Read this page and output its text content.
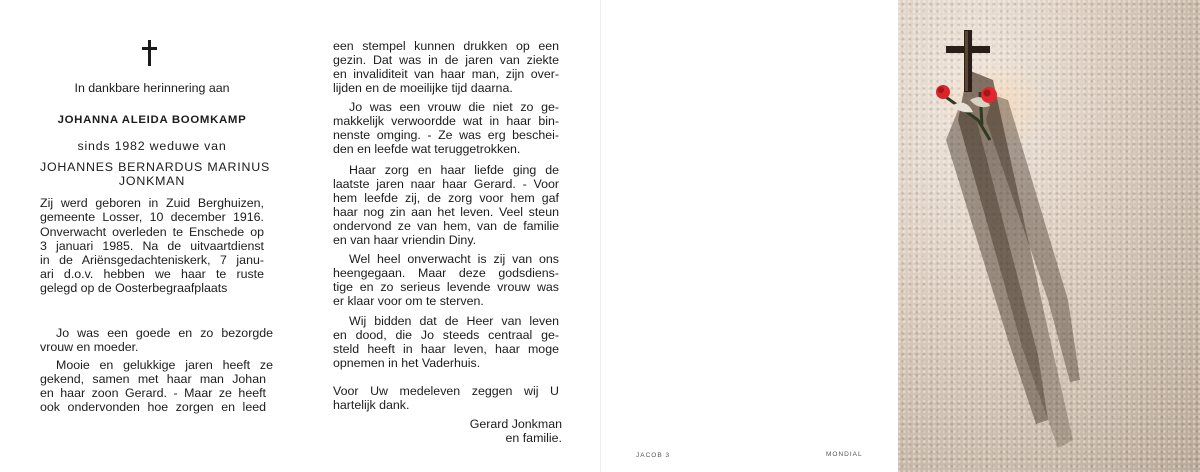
In dankbare herinnering aan
JOHANNA ALEIDA BOOMKAMP
sinds 1982 weduwe van
JOHANNES BERNARDUS MARINUS
JONKMAN
Zij werd geboren in Zuid Berghuizen,
gemeente Losser, 10 december 1916.
Onverwacht overleden te Enschede op
3 januari 1985. Na de uitvaartdienst
in de Ariënsgedachteniskerk, 7 janu-
ari d.o.v. hebben we haar te ruste
gelegd op de Oosterbegraafplaats
Jo was een goede en zo bezorgde
vrouw en moeder.
Mooie en gelukkige jaren heeft ze
gekend, samen met haar man Johan
en haar zoon Gerard. - Maar ze heeft
ook ondervonden hoe zorgen en leed
een stempel kunnen drukken op een
gezin. Dat was in de jaren van ziekte
en invaliditeit van haar man, zijn over-
lijden en de moeilijke tijd daarna.
Jo was een vrouw die niet zo ge-
makkelijk verwoordde wat in haar bin-
nenste omging. - Ze was erg beschei-
den en leefde wat teruggetrokken.
Haar zorg en haar liefde ging de
laatste jaren naar haar Gerard. - Voor
hem leefde zij, de zorg voor hem gaf
haar nog zin aan het leven. Veel steun
ondervond ze van hem, van de familie
en van haar vriendin Diny.
Wel heel onverwacht is zij van ons
heengegaan. Maar deze godsdiens-
tige en zo serieus levende vrouw was
er klaar voor om te sterven.
Wij bidden dat de Heer van leven
en dood, die Jo steeds centraal ge-
steld heeft in haar leven, haar moge
opnemen in het Vaderhuis.
Voor Uw medeleven zeggen wij U
hartelijk dank.
Gerard Jonkman
en familie.
JACOB 3	MONDIAL
